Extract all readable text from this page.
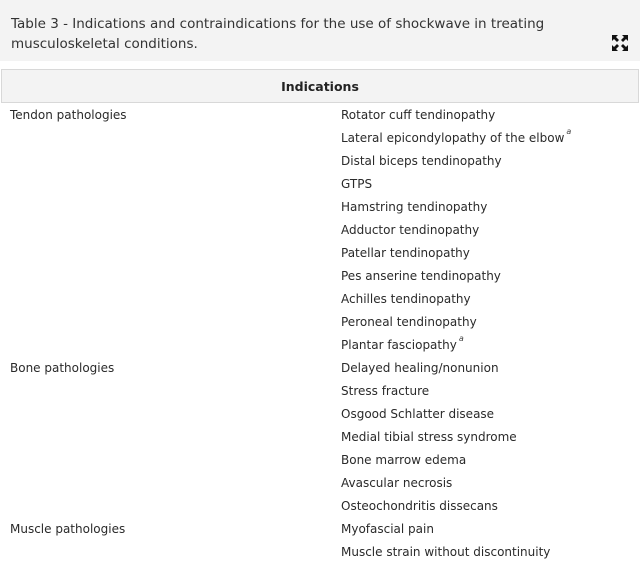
Table 3 - Indications and contraindications for the use of shockwave in treating musculoskeletal conditions.
Indications
Tendon pathologies	Rotator cuff tendinopathy
Lateral epicondylopathy of the elbow $^a$
Distal biceps tendinopathy
GTPS
Hamstring tendinopathy
Adductor tendinopathy
Patellar tendinopathy
Pes anserine tendinopathy
Achilles tendinopathy
Peroneal tendinopathy
Plantar fasciopathy $^a$
Bone pathologies	Delayed healing/nonunion
Stress fracture
Osgood Schlatter disease
Medial tibial stress syndrome
Bone marrow edema
Avascular necrosis
Osteochondritis dissecans
Muscle pathologies	Myofascial pain
Muscle strain without discontinuity
